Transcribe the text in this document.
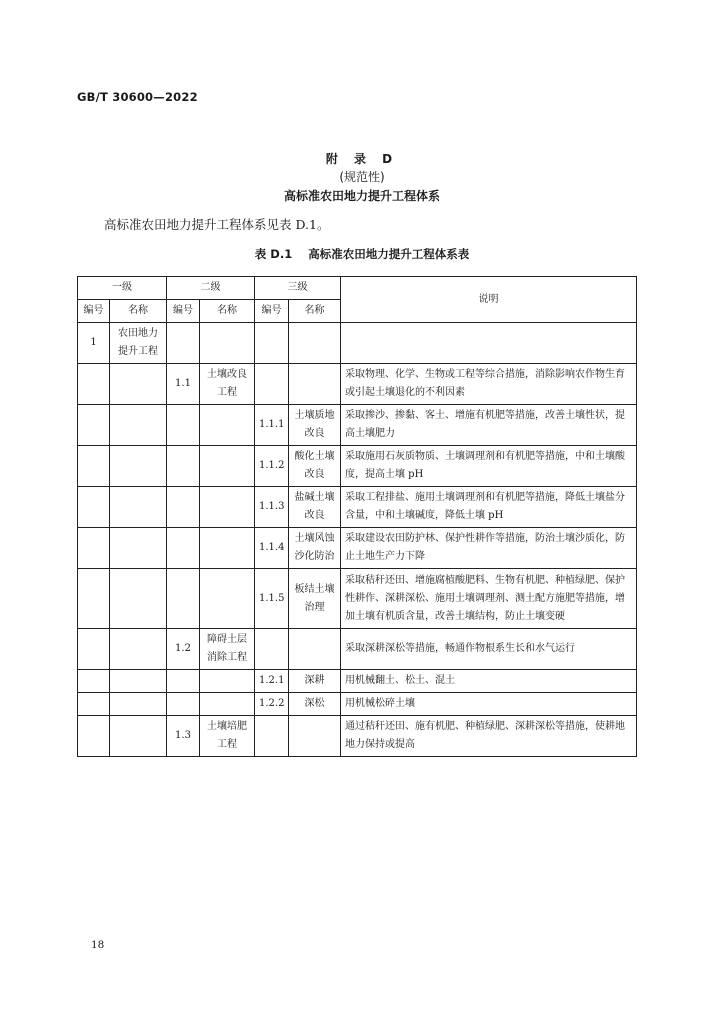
GB/T 30600—2022
附 录 D
(规范性)
高标准农田地力提升工程体系
高标准农田地力提升工程体系见表 D.1。
表 D.1 高标准农田地力提升工程体系表
一级		二级		三级		说明
编号	名称	编号	名称	编号	名称	
1	农田地力提升工程					
		1.1	土壤改良工程			采取物理、化学、生物或工程等综合措施，消除影响农作物生育或引起土壤退化的不利因素
				1.1.1	土壤质地改良	采取掺沙、掺黏、客土、增施有机肥等措施，改善土壤性状，提高土壤肥力
				1.1.2	酸化土壤改良	采取施用石灰质物质、土壤调理剂和有机肥等措施，中和土壤酸度，提高土壤 pH
				1.1.3	盐碱土壤改良	采取工程排盐、施用土壤调理剂和有机肥等措施，降低土壤盐分含量，中和土壤碱度，降低土壤 pH
				1.1.4	土壤风蚀沙化防治	采取建设农田防护林、保护性耕作等措施，防治土壤沙质化，防止土地生产力下降
				1.1.5	板结土壤治理	采取秸秆还田、增施腐植酸肥料、生物有机肥、种植绿肥、保护性耕作、深耕深松、施用土壤调理剂、测土配方施肥等措施，增加土壤有机质含量，改善土壤结构，防止土壤变硬
		1.2	障碍土层消除工程			采取深耕深松等措施，畅通作物根系生长和水气运行
				1.2.1	深耕	用机械翻土、松土、混土
				1.2.2	深松	用机械松碎土壤
		1.3	土壤培肥工程			通过秸秆还田、施有机肥、种植绿肥、深耕深松等措施，使耕地地力保持或提高
18
